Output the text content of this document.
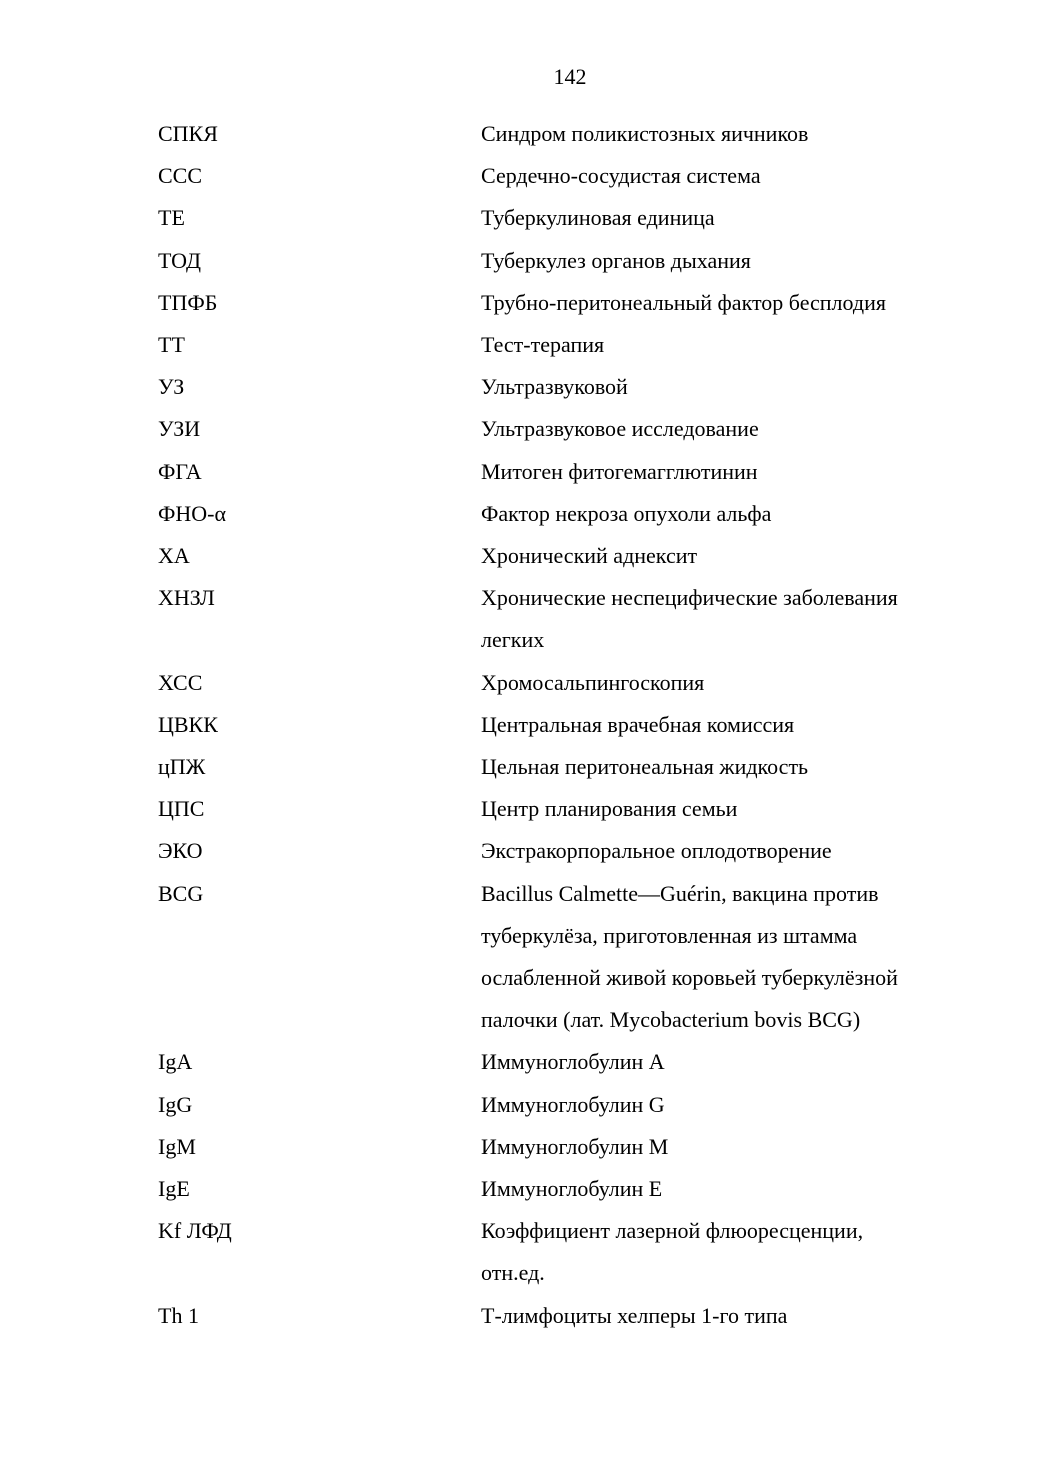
142
СПКЯ	Синдром поликистозных яичников
ССС	Сердечно-сосудистая система
ТЕ	Туберкулиновая единица
ТОД	Туберкулез органов дыхания
ТПФБ	Трубно-перитонеальный фактор бесплодия
ТТ	Тест-терапия
УЗ	Ультразвуковой
УЗИ	Ультразвуковое исследование
ФГА	Митоген фитогемагглютинин
ФНО-α	Фактор некроза опухоли альфа
ХА	Хронический аднексит
ХНЗЛ	Хронические неспецифические заболевания
легких
ХСС	Хромосальпингоскопия
ЦВКК	Центральная врачебная комиссия
цПЖ	Цельная перитонеальная жидкость
ЦПС	Центр планирования семьи
ЭКО	Экстракорпоральное оплодотворение
BCG	Bacillus Calmette—Guérin, вакцина против
туберкулёза, приготовленная из штамма
ослабленной живой коровьей туберкулёзной
палочки (лат. Mycobacterium bovis BCG)
IgA	Иммуноглобулин А
IgG	Иммуноглобулин G
IgM	Иммуноглобулин M
IgE	Иммуноглобулин E
Kf ЛФД	Коэффициент лазерной флюоресценции,
отн.ед.
Th 1	Т-лимфоциты хелперы 1-го типа
